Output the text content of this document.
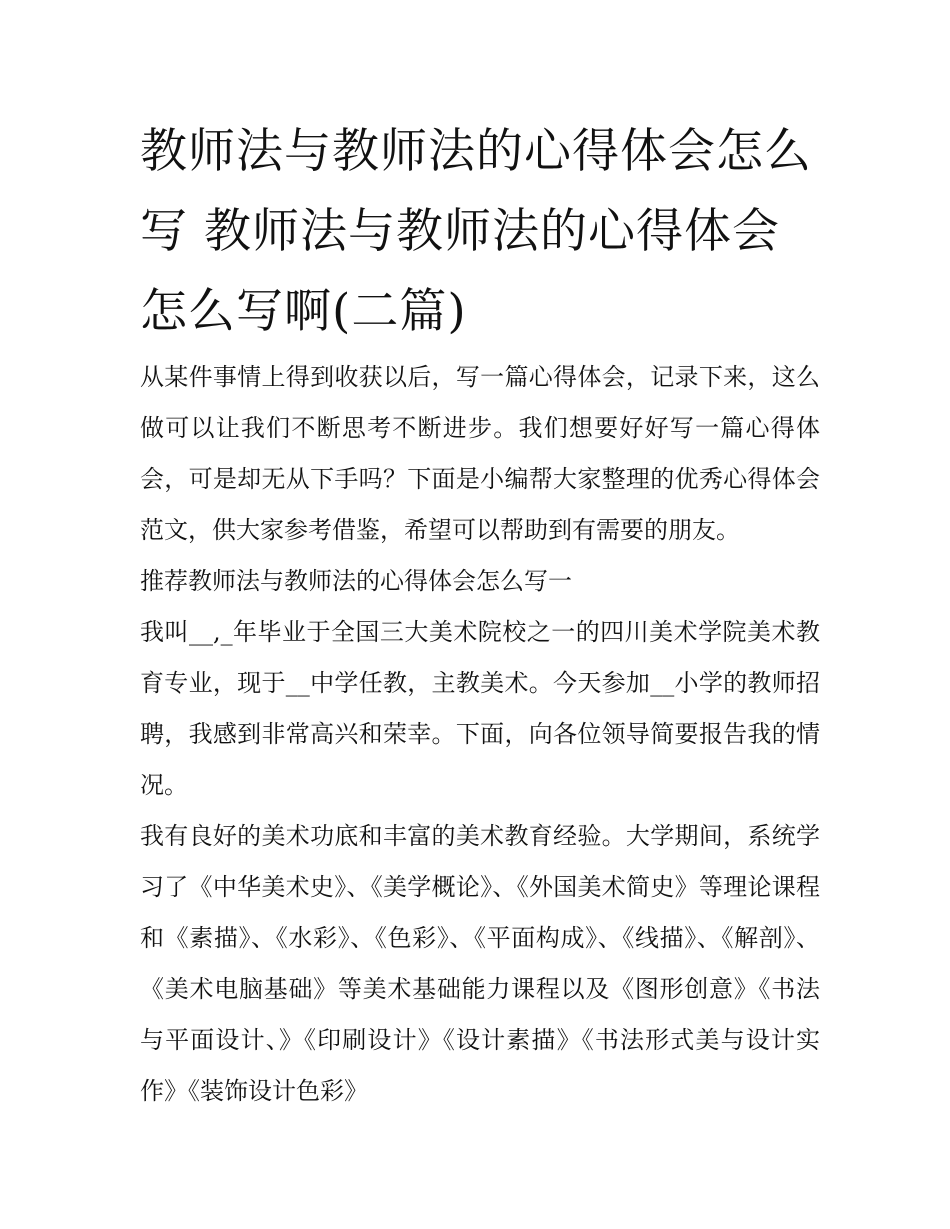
教师法与教师法的心得体会怎么写 教师法与教师法的心得体会怎么写啊(二篇)

从某件事情上得到收获以后，写一篇心得体会，记录下来，这么做可以让我们不断思考不断进步。我们想要好好写一篇心得体会，可是却无从下手吗？下面是小编帮大家整理的优秀心得体会范文，供大家参考借鉴，希望可以帮助到有需要的朋友。

推荐教师法与教师法的心得体会怎么写一

我叫__,_年毕业于全国三大美术院校之一的四川美术学院美术教育专业，现于__中学任教，主教美术。今天参加__小学的教师招聘，我感到非常高兴和荣幸。下面，向各位领导简要报告我的情况。

我有良好的美术功底和丰富的美术教育经验。大学期间，系统学习了《中华美术史》、《美学概论》、《外国美术简史》等理论课程和《素描》、《水彩》、《色彩》、《平面构成》、《线描》、《解剖》、《美术电脑基础》等美术基础能力课程以及《图形创意》《书法与平面设计、》《印刷设计》《设计素描》《书法形式美与设计实作》《装饰设计色彩》
